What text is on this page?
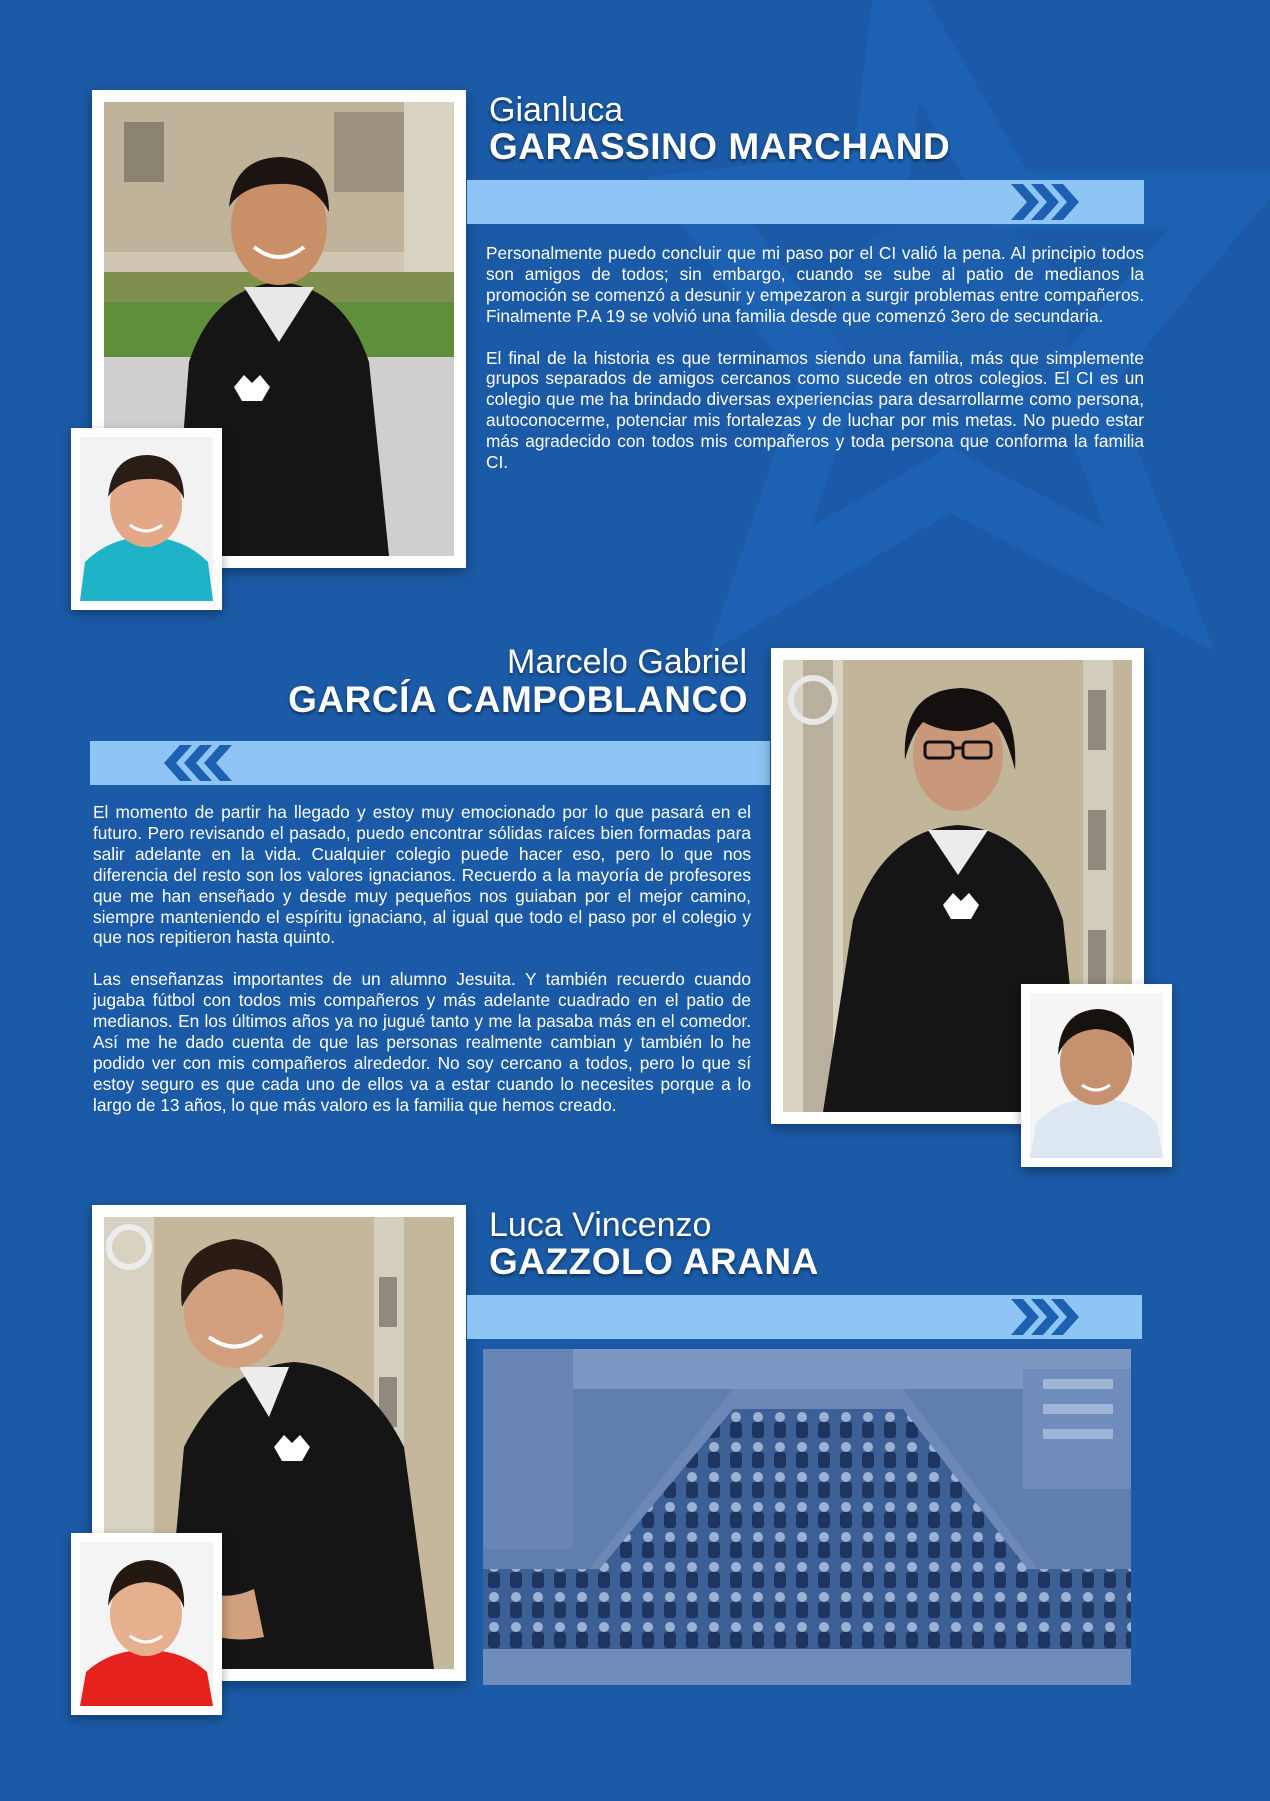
Gianluca
GARASSINO MARCHAND

Personalmente puedo concluir que mi paso por el CI valió la pena. Al principio todos son amigos de todos; sin embargo, cuando se sube al patio de medianos la promoción se comenzó a desunir y empezaron a surgir problemas entre compañeros. Finalmente P.A 19 se volvió una familia desde que comenzó 3ero de secundaria.

El final de la historia es que terminamos siendo una familia, más que simplemente grupos separados de amigos cercanos como sucede en otros colegios. El CI es un colegio que me ha brindado diversas experiencias para desarrollarme como persona, autoconocerme, potenciar mis fortalezas y de luchar por mis metas. No puedo estar más agradecido con todos mis compañeros y toda persona que conforma la familia CI.

Marcelo Gabriel
GARCÍA CAMPOBLANCO

El momento de partir ha llegado y estoy muy emocionado por lo que pasará en el futuro. Pero revisando el pasado, puedo encontrar sólidas raíces bien formadas para salir adelante en la vida. Cualquier colegio puede hacer eso, pero lo que nos diferencia del resto son los valores ignacianos. Recuerdo a la mayoría de profesores que me han enseñado y desde muy pequeños nos guiaban por el mejor camino, siempre manteniendo el espíritu ignaciano, al igual que todo el paso por el colegio y que nos repitieron hasta quinto.

Las enseñanzas importantes de un alumno Jesuita. Y también recuerdo cuando jugaba fútbol con todos mis compañeros y más adelante cuadrado en el patio de medianos. En los últimos años ya no jugué tanto y me la pasaba más en el comedor. Así me he dado cuenta de que las personas realmente cambian y también lo he podido ver con mis compañeros alrededor. No soy cercano a todos, pero lo que sí estoy seguro es que cada uno de ellos va a estar cuando lo necesites porque a lo largo de 13 años, lo que más valoro es la familia que hemos creado.

Luca Vincenzo
GAZZOLO ARANA
